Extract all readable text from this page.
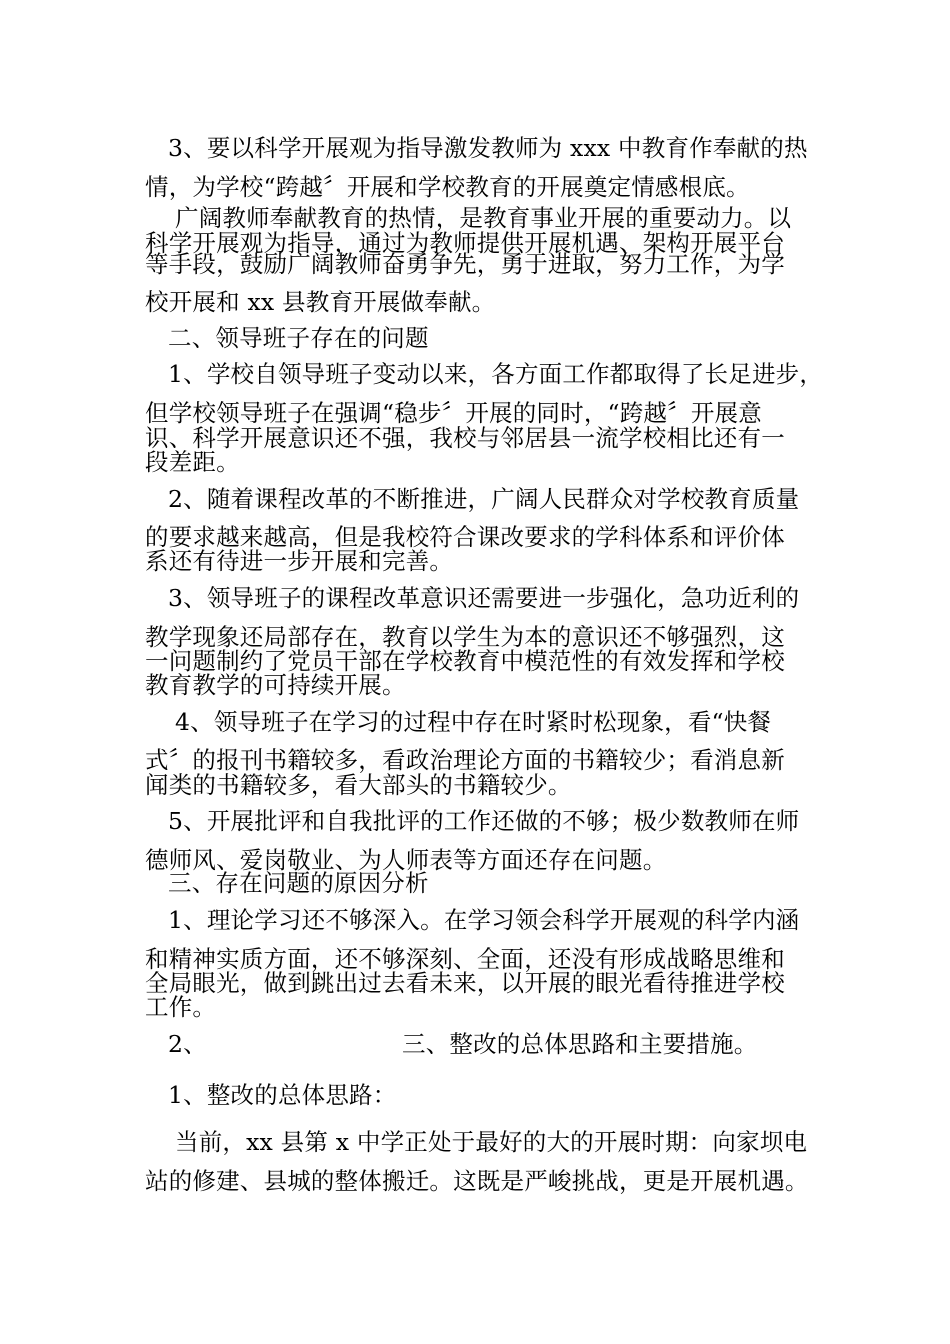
3、要以科学开展观为指导激发教师为 xxx 中教育作奉献的热
情，为学校“跨越〞开展和学校教育的开展奠定情感根底。
广阔教师奉献教育的热情，是教育事业开展的重要动力。以
科学开展观为指导，通过为教师提供开展机遇、架构开展平台
等手段，鼓励广阔教师奋勇争先，勇于进取，努力工作，为学
校开展和 xx 县教育开展做奉献。
二、领导班子存在的问题
1、学校自领导班子变动以来，各方面工作都取得了长足进步，
但学校领导班子在强调“稳步〞开展的同时，“跨越〞开展意
识、科学开展意识还不强，我校与邻居县一流学校相比还有一
段差距。
2、随着课程改革的不断推进，广阔人民群众对学校教育质量
的要求越来越高，但是我校符合课改要求的学科体系和评价体
系还有待进一步开展和完善。
3、领导班子的课程改革意识还需要进一步强化，急功近利的
教学现象还局部存在，教育以学生为本的意识还不够强烈，这
一问题制约了党员干部在学校教育中模范性的有效发挥和学校
教育教学的可持续开展。
4、领导班子在学习的过程中存在时紧时松现象，看“快餐
式〞的报刊书籍较多，看政治理论方面的书籍较少；看消息新
闻类的书籍较多，看大部头的书籍较少。
5、开展批评和自我批评的工作还做的不够；极少数教师在师
德师风、爱岗敬业、为人师表等方面还存在问题。
三、存在问题的原因分析
1、理论学习还不够深入。在学习领会科学开展观的科学内涵
和精神实质方面，还不够深刻、全面，还没有形成战略思维和
全局眼光，做到跳出过去看未来，以开展的眼光看待推进学校
工作。
2、	三、整改的总体思路和主要措施。
1、整改的总体思路：
当前，xx 县第 x 中学正处于最好的大的开展时期：向家坝电
站的修建、县城的整体搬迁。这既是严峻挑战，更是开展机遇。
